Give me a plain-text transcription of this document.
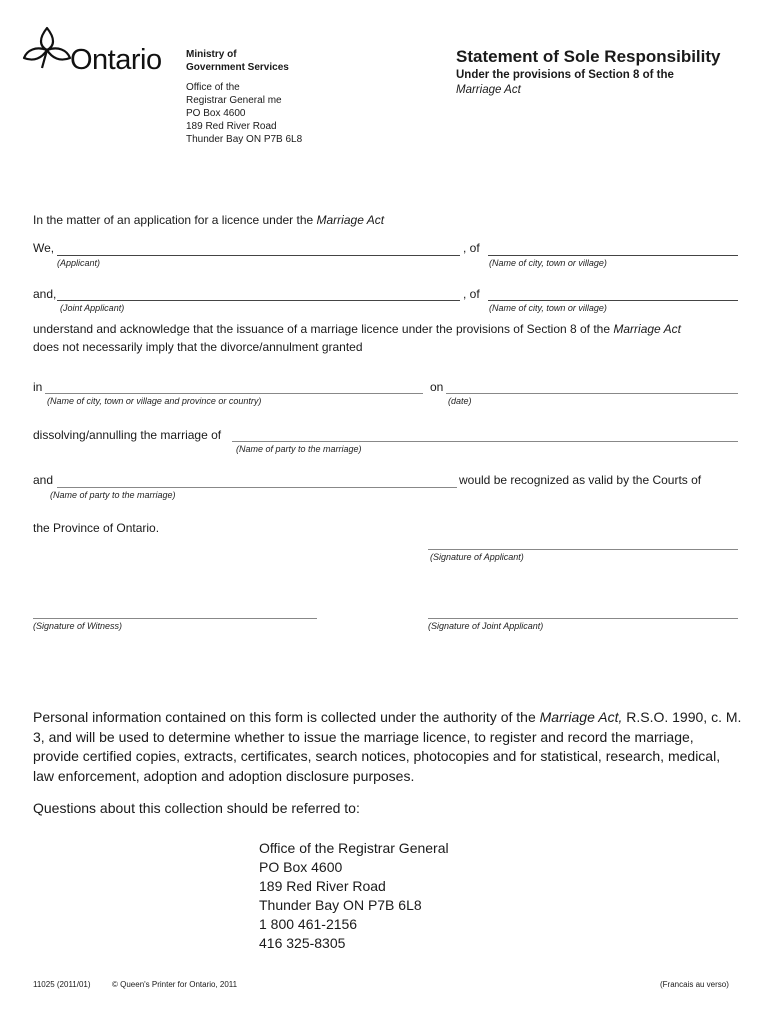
Ontario Ministry of
Government Services
Office of the
Registrar General me
PO Box 4600
189 Red River Road
Thunder Bay ON P7B 6L8
Statement of Sole Responsibility
Under the provisions of Section 8 of the
Marriage Act
In the matter of an application for a licence under the Marriage Act
We,	, of
(Applicant)	(Name of city, town or village)
and,	, of
(Joint Applicant)	(Name of city, town or village)
understand and acknowledge that the issuance of a marriage licence under the provisions of Section 8 of the Marriage Act
does not necessarily imply that the divorce/annulment granted
in	on
(Name of city, town or village and province or country)	(date)
dissolving/annulling the marriage of
(Name of party to the marriage)
and	would be recognized as valid by the Courts of
(Name of party to the marriage)
the Province of Ontario.
(Signature of Applicant)
(Signature of Witness)	(Signature of Joint Applicant)
Personal information contained on this form is collected under the authority of the Marriage Act, R.S.O. 1990, c. M. 3, and will be used to determine whether to issue the marriage licence, to register and record the marriage, provide certified copies, extracts, certificates, search notices, photocopies and for statistical, research, medical, law enforcement, adoption and adoption disclosure purposes.
Questions about this collection should be referred to:
Office of the Registrar General
PO Box 4600
189 Red River Road
Thunder Bay ON P7B 6L8
1 800 461-2156
416 325-8305
11025 (2011/01)	© Queen's Printer for Ontario, 2011	(Francais au verso)
